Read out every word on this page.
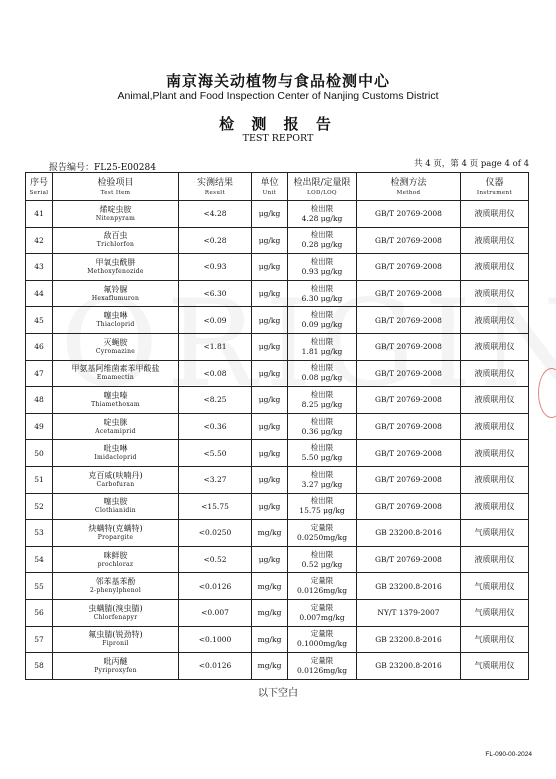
南京海关动植物与食品检测中心
Animal,Plant and Food Inspection Center of Nanjing Customs District
检 测 报 告
TEST REPORT
报告编号：FL25-E00284	共 4 页，第 4 页 page 4 of 4
序号
Serial	检验项目
Test Item	实测结果
Result	单位
Unit	检出限/定量限
LOD/LOQ	检测方法
Method	仪器
Instrument

41	烯啶虫胺
Nitenpyram	<4.28	μg/kg	检出限
4.28 μg/kg	GB/T 20769-2008	液质联用仪
42	敌百虫
Trichlorfon	<0.28	μg/kg	检出限
0.28 μg/kg	GB/T 20769-2008	液质联用仪
43	甲氧虫酰肼
Methoxyfenozide	<0.93	μg/kg	检出限
0.93 μg/kg	GB/T 20769-2008	液质联用仪
44	氟铃脲
Hexaflumuron	<6.30	μg/kg	检出限
6.30 μg/kg	GB/T 20769-2008	液质联用仪
45	噻虫啉
Thiacloprid	<0.09	μg/kg	检出限
0.09 μg/kg	GB/T 20769-2008	液质联用仪
46	灭蝇胺
Cyromazine	<1.81	μg/kg	检出限
1.81 μg/kg	GB/T 20769-2008	液质联用仪
47	甲氨基阿维菌素苯甲酸盐
Emamectin	<0.08	μg/kg	检出限
0.08 μg/kg	GB/T 20769-2008	液质联用仪
48	噻虫嗪
Thiamethoxam	<8.25	μg/kg	检出限
8.25 μg/kg	GB/T 20769-2008	液质联用仪
49	啶虫脒
Acetamiprid	<0.36	μg/kg	检出限
0.36 μg/kg	GB/T 20769-2008	液质联用仪
50	吡虫啉
Imidacloprid	<5.50	μg/kg	检出限
5.50 μg/kg	GB/T 20769-2008	液质联用仪
51	克百威(呋喃丹)
Carbofuran	<3.27	μg/kg	检出限
3.27 μg/kg	GB/T 20769-2008	液质联用仪
52	噻虫胺
Clothianidin	<15.75	μg/kg	检出限
15.75 μg/kg	GB/T 20769-2008	液质联用仪
53	炔螨特(克螨特)
Propargite	<0.0250	mg/kg	定量限
0.0250mg/kg	GB 23200.8-2016	气质联用仪
54	咪鲜胺
prochloraz	<0.52	μg/kg	检出限
0.52 μg/kg	GB/T 20769-2008	液质联用仪
55	邻苯基苯酚
2-phenylphenol	<0.0126	mg/kg	定量限
0.0126mg/kg	GB 23200.8-2016	气质联用仪
56	虫螨腈(溴虫腈)
Chlorfenapyr	<0.007	mg/kg	定量限
0.007mg/kg	NY/T 1379-2007	气质联用仪
57	氟虫腈(锐劲特)
Fipronil	<0.1000	mg/kg	定量限
0.1000mg/kg	GB 23200.8-2016	气质联用仪
58	吡丙醚
Pyriproxyfen	<0.0126	mg/kg	定量限
0.0126mg/kg	GB 23200.8-2016	气质联用仪
以下空白
FL-090-00-2024
